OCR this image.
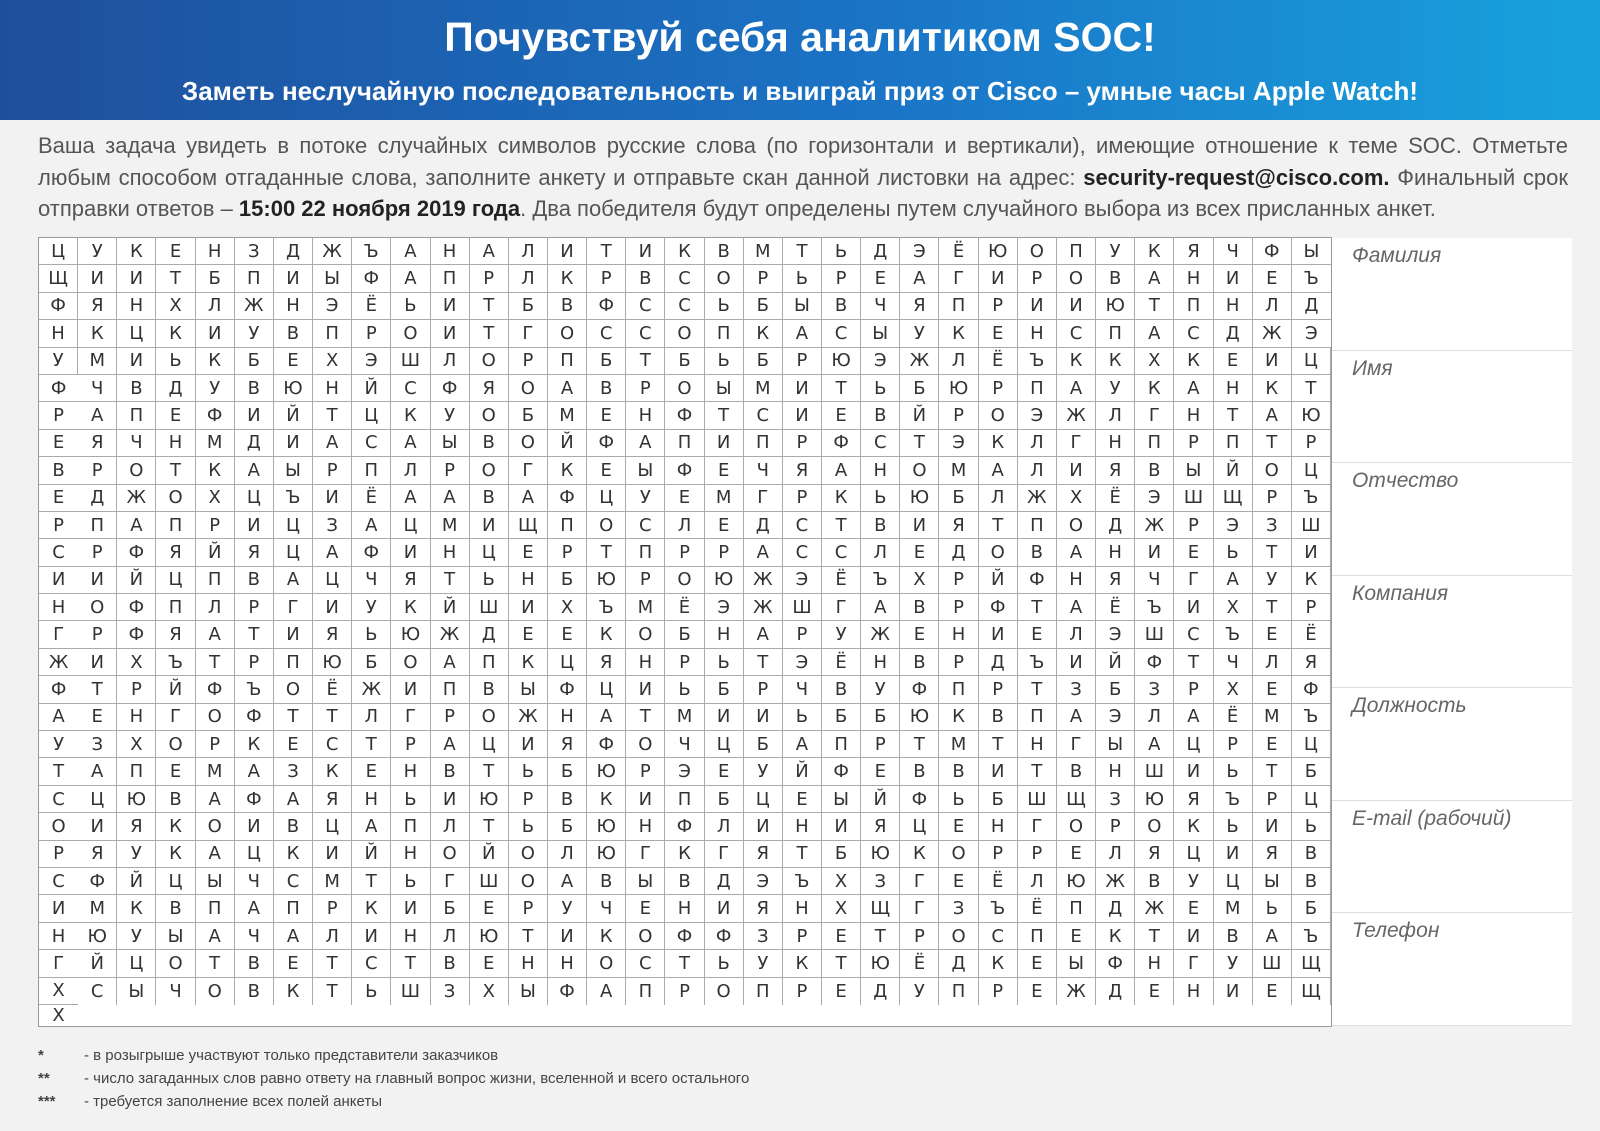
Почувствуй себя аналитиком SOC!
Заметь неслучайную последовательность и выиграй приз от Cisco – умные часы Apple Watch!
Ваша задача увидеть в потоке случайных символов русские слова (по горизонтали и вертикали), имеющие отношение к теме SOC. Отметьте любым способом отгаданные слова, заполните анкету и отправьте скан данной листовки на адрес: security-request@cisco.com. Финальный срок отправки ответов – 15:00 22 ноября 2019 года. Два победителя будут определены путем случайного выбора из всех присланных анкет.
Ц	У	К	Е	Н	З	Д	Ж	Ъ	А	Н	А	Л	И	Т	И	К	В	М	Т	Ь	Д	Э	Ё	Ю	О	П	У	К	Я	Ч	Ф	Ы
Щ	И	И	Т	Б	П	И	Ы	Ф	А	П	Р	Л	К	Р	В	С	О	Р	Ь	Р	Е	А	Г	И	Р	О	В	А	Н	И	Е	Ъ
Ф	Я	Н	Х	Л	Ж	Н	Э	Ё	Ь	И	Т	Б	В	Ф	С	С	Ь	Б	Ы	В	Ч	Я	П	Р	И	И	Ю	Т	П	Н	Л	Д
Н	К	Ц	К	И	У	В	П	Р	О	И	Т	Г	О	С	С	О	П	К	А	С	Ы	У	К	Е	Н	С	П	А	С	Д	Ж	Э
У	М	И	Ь	К	Б	Е	Х	Э	Ш	Л	О	Р	П	Б	Т	Б	Ь	Б	Р	Ю	Э	Ж	Л	Ё	Ъ	К	К	Х	К	Е	И	Ц
Ф	Ч	В	Д	У	В	Ю	Н	Й	С	Ф	Я	О	А	В	Р	О	Ы	М	И	Т	Ь	Б	Ю	Р	П	А	У	К	А	Н	К	Т
Р	А	П	Е	Ф	И	Й	Т	Ц	К	У	О	Б	М	Е	Н	Ф	Т	С	И	Е	В	Й	Р	О	Э	Ж	Л	Г	Н	Т	А	Ю
Е	Я	Ч	Н	М	Д	И	А	С	А	Ы	В	О	Й	Ф	А	П	И	П	Р	Ф	С	Т	Э	К	Л	Г	Н	П	Р	П	Т	Р
В	Р	О	Т	К	А	Ы	Р	П	Л	Р	О	Г	К	Е	Ы	Ф	Е	Ч	Я	А	Н	О	М	А	Л	И	Я	В	Ы	Й	О	Ц
Е	Д	Ж	О	Х	Ц	Ъ	И	Ё	А	А	В	А	Ф	Ц	У	Е	М	Г	Р	К	Ь	Ю	Б	Л	Ж	Х	Ё	Э	Ш	Щ	Р	Ъ
Р	П	А	П	Р	И	Ц	З	А	Ц	М	И	Щ	П	О	С	Л	Е	Д	С	Т	В	И	Я	Т	П	О	Д	Ж	Р	Э	З	Ш
С	Р	Ф	Я	Й	Я	Ц	А	Ф	И	Н	Ц	Е	Р	Т	П	Р	Р	А	С	С	Л	Е	Д	О	В	А	Н	И	Е	Ь	Т	И
И	И	Й	Ц	П	В	А	Ц	Ч	Я	Т	Ь	Н	Б	Ю	Р	О	Ю	Ж	Э	Ё	Ъ	Х	Р	Й	Ф	Н	Я	Ч	Г	А	У	К
Н	О	Ф	П	Л	Р	Г	И	У	К	Й	Ш	И	Х	Ъ	М	Ё	Э	Ж	Ш	Г	А	В	Р	Ф	Т	А	Ё	Ъ	И	Х	Т	Р
Г	Р	Ф	Я	А	Т	И	Я	Ь	Ю	Ж	Д	Е	Е	К	О	Б	Н	А	Р	У	Ж	Е	Н	И	Е	Л	Э	Ш	С	Ъ	Е	Ё
Ж	И	Х	Ъ	Т	Р	П	Ю	Б	О	А	П	К	Ц	Я	Н	Р	Ь	Т	Э	Ё	Н	В	Р	Д	Ъ	И	Й	Ф	Т	Ч	Л	Я
Ф	Т	Р	Й	Ф	Ъ	О	Ё	Ж	И	П	В	Ы	Ф	Ц	И	Ь	Б	Р	Ч	В	У	Ф	П	Р	Т	З	Б	З	Р	Х	Е	Ф
А	Е	Н	Г	О	Ф	Т	Т	Л	Г	Р	О	Ж	Н	А	Т	М	И	И	Ь	Б	Б	Ю	К	В	П	А	Э	Л	А	Ё	М	Ъ
У	З	Х	О	Р	К	Е	С	Т	Р	А	Ц	И	Я	Ф	О	Ч	Ц	Б	А	П	Р	Т	М	Т	Н	Г	Ы	А	Ц	Р	Е	Ц
Т	А	П	Е	М	А	З	К	Е	Н	В	Т	Ь	Б	Ю	Р	Э	Е	У	Й	Ф	Е	В	В	И	Т	В	Н	Ш	И	Ь	Т	Б
С	Ц	Ю	В	А	Ф	А	Я	Н	Ь	И	Ю	Р	В	К	И	П	Б	Ц	Е	Ы	Й	Ф	Ь	Б	Ш	Щ	З	Ю	Я	Ъ	Р	Ц
О	И	Я	К	О	И	В	Ц	А	П	Л	Т	Ь	Б	Ю	Н	Ф	Л	И	Н	И	Я	Ц	Е	Н	Г	О	Р	О	К	Ь	И	Ь
Р	Я	У	К	А	Ц	К	И	Й	Н	О	Й	О	Л	Ю	Г	К	Г	Я	Т	Б	Ю	К	О	Р	Р	Е	Л	Я	Ц	И	Я	В
С	Ф	Й	Ц	Ы	Ч	С	М	Т	Ь	Г	Ш	О	А	В	Ы	В	Д	Э	Ъ	Х	З	Г	Е	Ё	Л	Ю	Ж	В	У	Ц	Ы	В
И	М	К	В	П	А	П	Р	К	И	Б	Е	Р	У	Ч	Е	Н	И	Я	Н	Х	Щ	Г	З	Ъ	Ё	П	Д	Ж	Е	М	Ь	Б
Н	Ю	У	Ы	А	Ч	А	Л	И	Н	Л	Ю	Т	И	К	О	Ф	Ф	З	Р	Е	Т	Р	О	С	П	Е	К	Т	И	В	А	Ъ
Г	Й	Ц	О	Т	В	Е	Т	С	Т	В	Е	Н	Н	О	С	Т	Ь	У	К	Т	Ю	Ё	Д	К	Е	Ы	Ф	Н	Г	У	Ш	Щ
Х	С	Ы	Ч	О	В	К	Т	Ь	Ш	З	Х	Ы	Ф	А	П	Р	О	П	Р	Е	Д	У	П	Р	Е	Ж	Д	Е	Н	И	Е	Щ
Х
Фамилия
Имя
Отчество
Компания
Должность
E-mail (рабочий)
Телефон
*	- в розыгрыше участвуют только представители заказчиков
**	- число загаданных слов равно ответу на главный вопрос жизни, вселенной и всего остального
***	- требуется заполнение всех полей анкеты
